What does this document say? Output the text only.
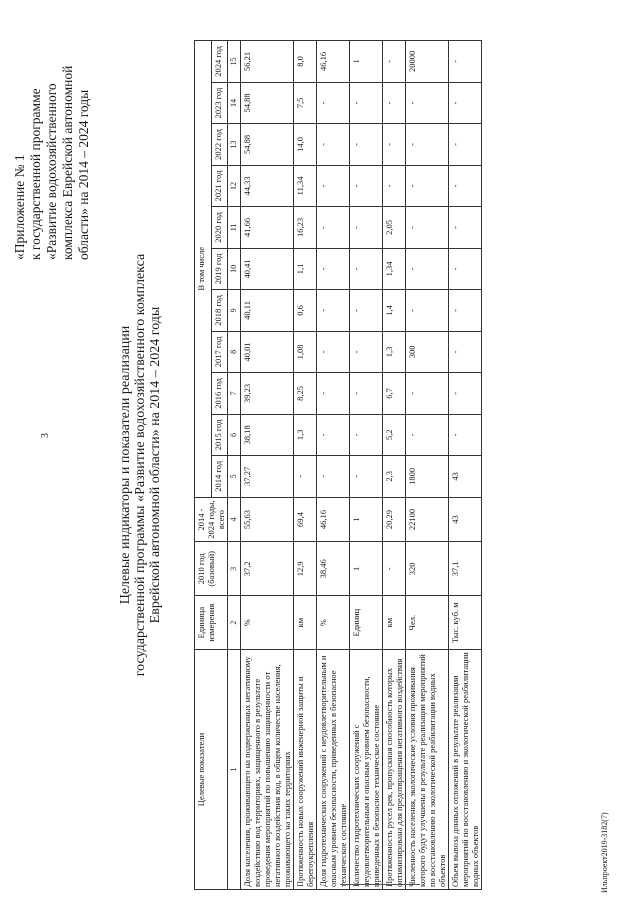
3
«Приложение № 1 к государственной программе «Развитие водохозяйственного комплекса Еврейской автономной области» на 2014 – 2024 годы
Целевые индикаторы и показатели реализации государственной программы «Развитие водохозяйственного комплекса Еврейской автономной области» на 2014 – 2024 годы
Целевые показатели	Единица измерения	2010 год (базовый)	2014 - 2024 годы, всего	В том числе										
				2014 год	2015 год	2016 год	2017 год	2018 год	2019 год	2020 год	2021 год	2022 год	2023 год	2024 год
1	2	3	4	5	6	7	8	9	10	11	12	13	14	15
Доля населения, проживающего на подверженных негативному воздействию вод территориях, защищенного в результате проведения мероприятий по повышению защищенности от негативного воздействия вод, в общем количестве населения, проживающего на таких территориях	%	37,2	55,63	37,27	38,18	39,23	40,01	40,11	40,41	41,66	44,33	54,88	54,88	56,21
Протяженность новых сооружений инженерной защиты и берегоукрепления	км	12,9	69,4	-	1,3	8,25	1,08	0,6	1,1	16,23	11,34	14,0	7,5	8,0
Доля гидротехнических сооружений с неудовлетворительным и опасным уровнем безопасности, приведенных в безопасное техническое состояние	%	38,46	46,16	-	-	-	-	-	-	-	-	-	-	46,16
Количество гидротехнических сооружений с неудовлетворительным и опасным уровнем безопасности, приведенных в безопасное техническое состояние	Единиц	1	1	-	-	-	-	-	-	-	-	-	-	1
Протяженность русел рек, пропускная способность которых оптимизирована для предотвращения негативного воздействия	км	-	20,29	2,3	5,2	6,7	1,3	1,4	1,34	2,05	-	-	-	-
Численность населения, экологические условия проживания которого будут улучшены в результате реализации мероприятий по восстановлению и экологической реабилитации водных объектов	Чел.	320	22100	1800	-	-	300	-	-	-	-	-	-	20000
Объем вывоза донных отложений в результате реализации мероприятий по восстановлению и экологической реабилитации водных объектов	Тыс. куб. м	37,1	43	43	-	-	-	-	-	-	-	-	-	-
Ильпроект2019-3182(7)
